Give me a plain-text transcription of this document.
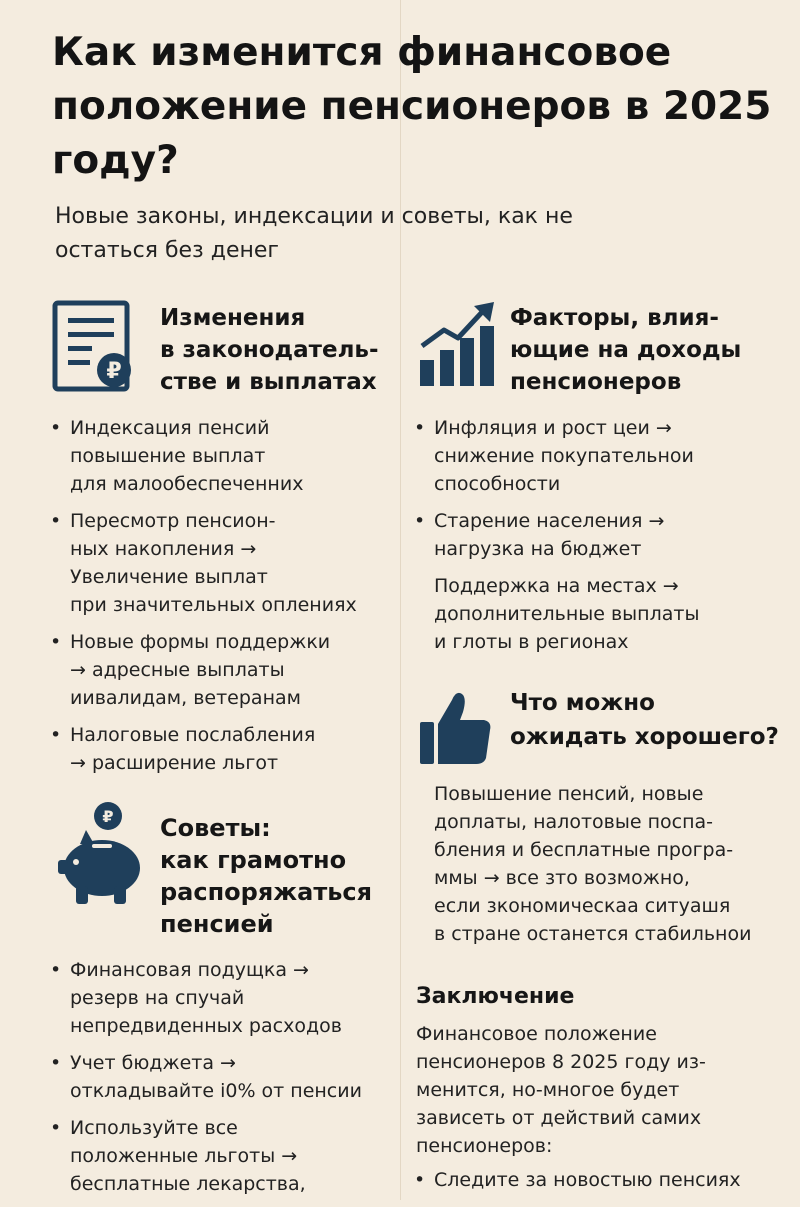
Как изменится финансовое положение пенсионеров в 2025 году?

Новые законы, индексации и советы, как не остаться без денег

₽
Изменения
в законодатель-
стве и выплатах
• Индексация пенсий
повышение выплат
для малообеспеченних
• Пересмотр пенсион-
ных накопления →
Увеличение выплат
при значительных оплениях
• Новые формы поддержки
→ адресные выплаты
иивалидам, ветеранам
• Налоговые послабления
→ расширение льгот
Факторы, влия-
ющие на доходы
пенсионеров
• Инфляция и рост цеи →
снижение покупательнои
способности
• Старение населения →
нагрузка на бюджет

Поддержка на местах →
дополнительные выплаты
и глоты в регионах

Что можно
ожидать хорошего?

Повышение пенсий, новые
доплаты, налотовые поспа-
бления и бесплатные програ-
ммы → все зто возможно,
если зкономическаа ситуашя
в стране останется стабильнои

Заключение

Финансовое положение
пенсионеров 8 2025 году из-
менится, но-многое будет
зависеть от действий самих
пенсионеров:

• Следите за новостыю пенсиях
₽ Советы:
как грамотно
распоряжаться
пенсией
• Финансовая подущка →
резерв на спучай
непредвиденных расходов
• Учет бюджета →
откладывайте i0% от пенсии
• Используйте все
положенные льготы →
бесплатные лекарства,
